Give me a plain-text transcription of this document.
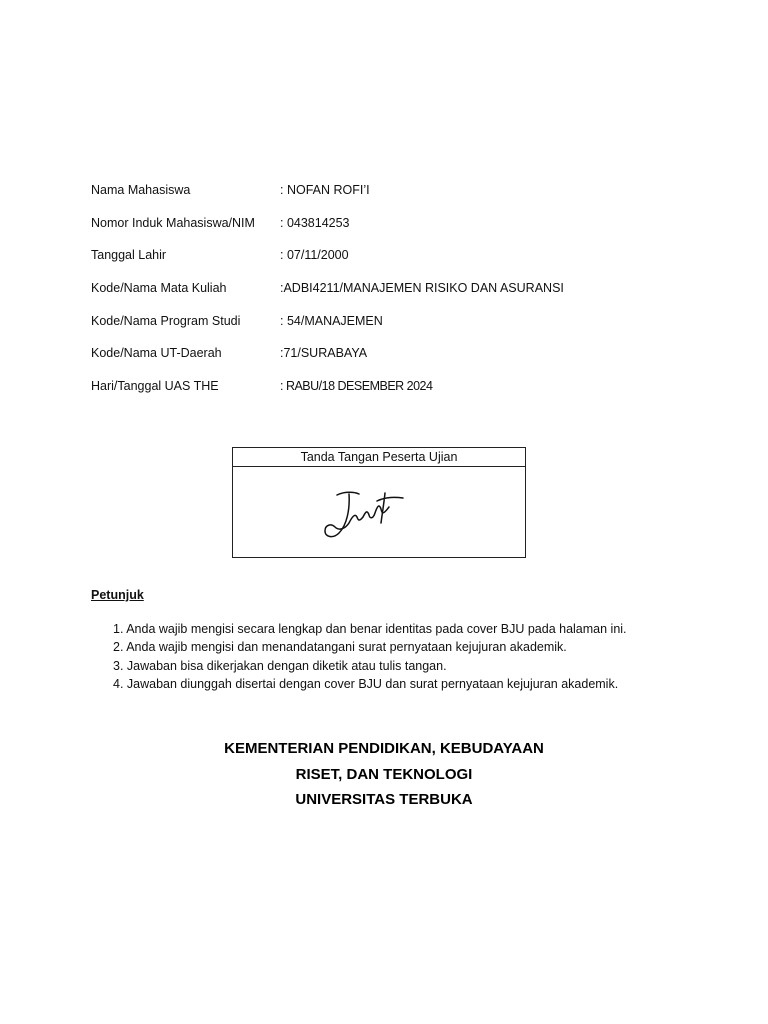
Nama Mahasiswa	: NOFAN ROFI’I
Nomor Induk Mahasiswa/NIM : 043814253
Tanggal Lahir	: 07/11/2000
Kode/Nama Mata Kuliah	:ADBI4211/MANAJEMEN RISIKO DAN ASURANSI
Kode/Nama Program Studi	: 54/MANAJEMEN
Kode/Nama UT-Daerah	:71/SURABAYA
Hari/Tanggal UAS THE	: RABU/18 DESEMBER 2024
Tanda Tangan Peserta Ujian
Petunjuk
1. Anda wajib mengisi secara lengkap dan benar identitas pada cover BJU pada halaman ini.
2. Anda wajib mengisi dan menandatangani surat pernyataan kejujuran akademik.
3. Jawaban bisa dikerjakan dengan diketik atau tulis tangan.
4. Jawaban diunggah disertai dengan cover BJU dan surat pernyataan kejujuran akademik.
KEMENTERIAN PENDIDIKAN, KEBUDAYAAN
RISET, DAN TEKNOLOGI
UNIVERSITAS TERBUKA
